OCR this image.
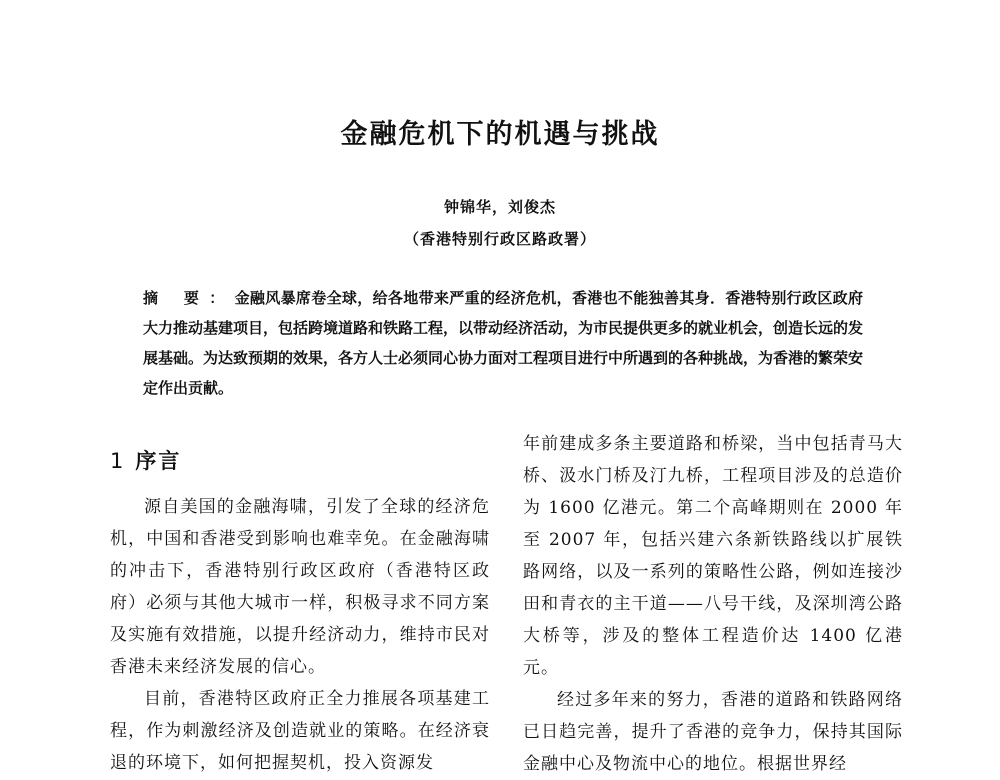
金融危机下的机遇与挑战
钟锦华，刘俊杰
（香港特别行政区路政署）

摘 要：金融风暴席卷全球，给各地带来严重的经济危机，香港也不能独善其身．香港特别行政区政府大力推动基建项目，包括跨境道路和铁路工程，以带动经济活动，为市民提供更多的就业机会，创造长远的发展基础。为达致预期的效果，各方人士必须同心协力面对工程项目进行中所遇到的各种挑战，为香港的繁荣安定作出贡献。

1 序言

源自美国的金融海啸，引发了全球的经济危机，中国和香港受到影响也难幸免。在金融海啸的冲击下，香港特别行政区政府（香港特区政府）必须与其他大城市一样，积极寻求不同方案及实施有效措施，以提升经济动力，维持市民对香港未来经济发展的信心。

目前，香港特区政府正全力推展各项基建工程，作为刺激经济及创造就业的策略。在经济衰退的环境下，如何把握契机，投入资源发

年前建成多条主要道路和桥梁，当中包括青马大桥、汲水门桥及汀九桥，工程项目涉及的总造价为 1600 亿港元。第二个高峰期则在 2000 年至 2007 年，包括兴建六条新铁路线以扩展铁路网络，以及一系列的策略性公路，例如连接沙田和青衣的主干道——八号干线，及深圳湾公路大桥等，涉及的整体工程造价达 1400 亿港元。

经过多年来的努力，香港的道路和铁路网络已日趋完善，提升了香港的竞争力，保持其国际金融中心及物流中心的地位。根据世界经
